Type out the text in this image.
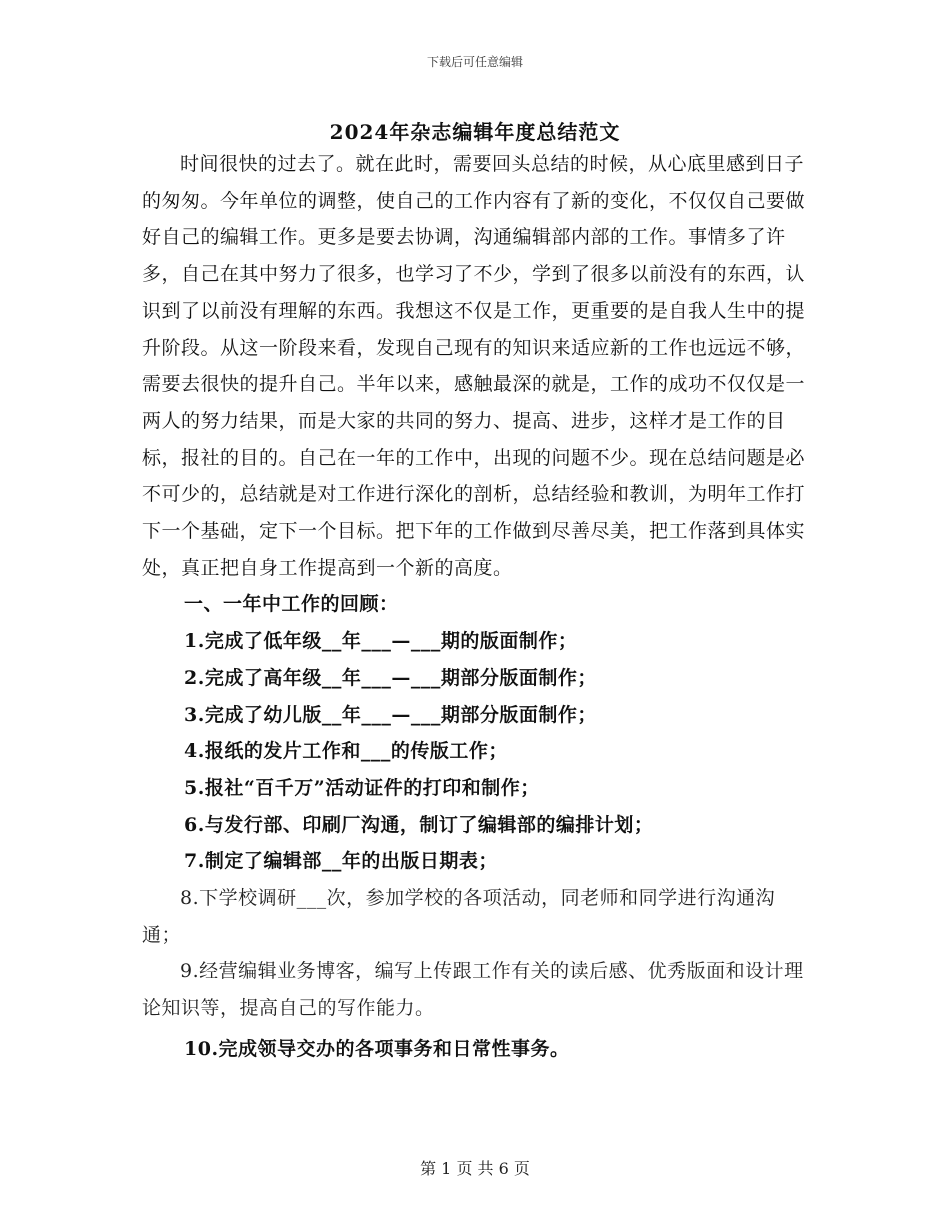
下载后可任意编辑
2024年杂志编辑年度总结范文

时间很快的过去了。就在此时，需要回头总结的时候，从心底里感到日子的匆匆。今年单位的调整，使自己的工作内容有了新的变化，不仅仅自己要做好自己的编辑工作。更多是要去协调，沟通编辑部内部的工作。事情多了许多，自己在其中努力了很多，也学习了不少，学到了很多以前没有的东西，认识到了以前没有理解的东西。我想这不仅是工作，更重要的是自我人生中的提升阶段。从这一阶段来看，发现自己现有的知识来适应新的工作也远远不够，需要去很快的提升自己。半年以来，感触最深的就是，工作的成功不仅仅是一两人的努力结果，而是大家的共同的努力、提高、进步，这样才是工作的目标，报社的目的。自己在一年的工作中，出现的问题不少。现在总结问题是必不可少的，总结就是对工作进行深化的剖析，总结经验和教训，为明年工作打下一个基础，定下一个目标。把下年的工作做到尽善尽美，把工作落到具体实处，真正把自身工作提高到一个新的高度。

一、一年中工作的回顾：

1.完成了低年级__年___—___期的版面制作；

2.完成了高年级__年___—___期部分版面制作；

3.完成了幼儿版__年___—___期部分版面制作；

4.报纸的发片工作和___的传版工作；

5.报社“百千万”活动证件的打印和制作；

6.与发行部、印刷厂沟通，制订了编辑部的编排计划；

7.制定了编辑部__年的出版日期表；

8.下学校调研___次，参加学校的各项活动，同老师和同学进行沟通沟通；

9.经营编辑业务博客，编写上传跟工作有关的读后感、优秀版面和设计理论知识等，提高自己的写作能力。

10.完成领导交办的各项事务和日常性事务。

第 1 页 共 6 页
